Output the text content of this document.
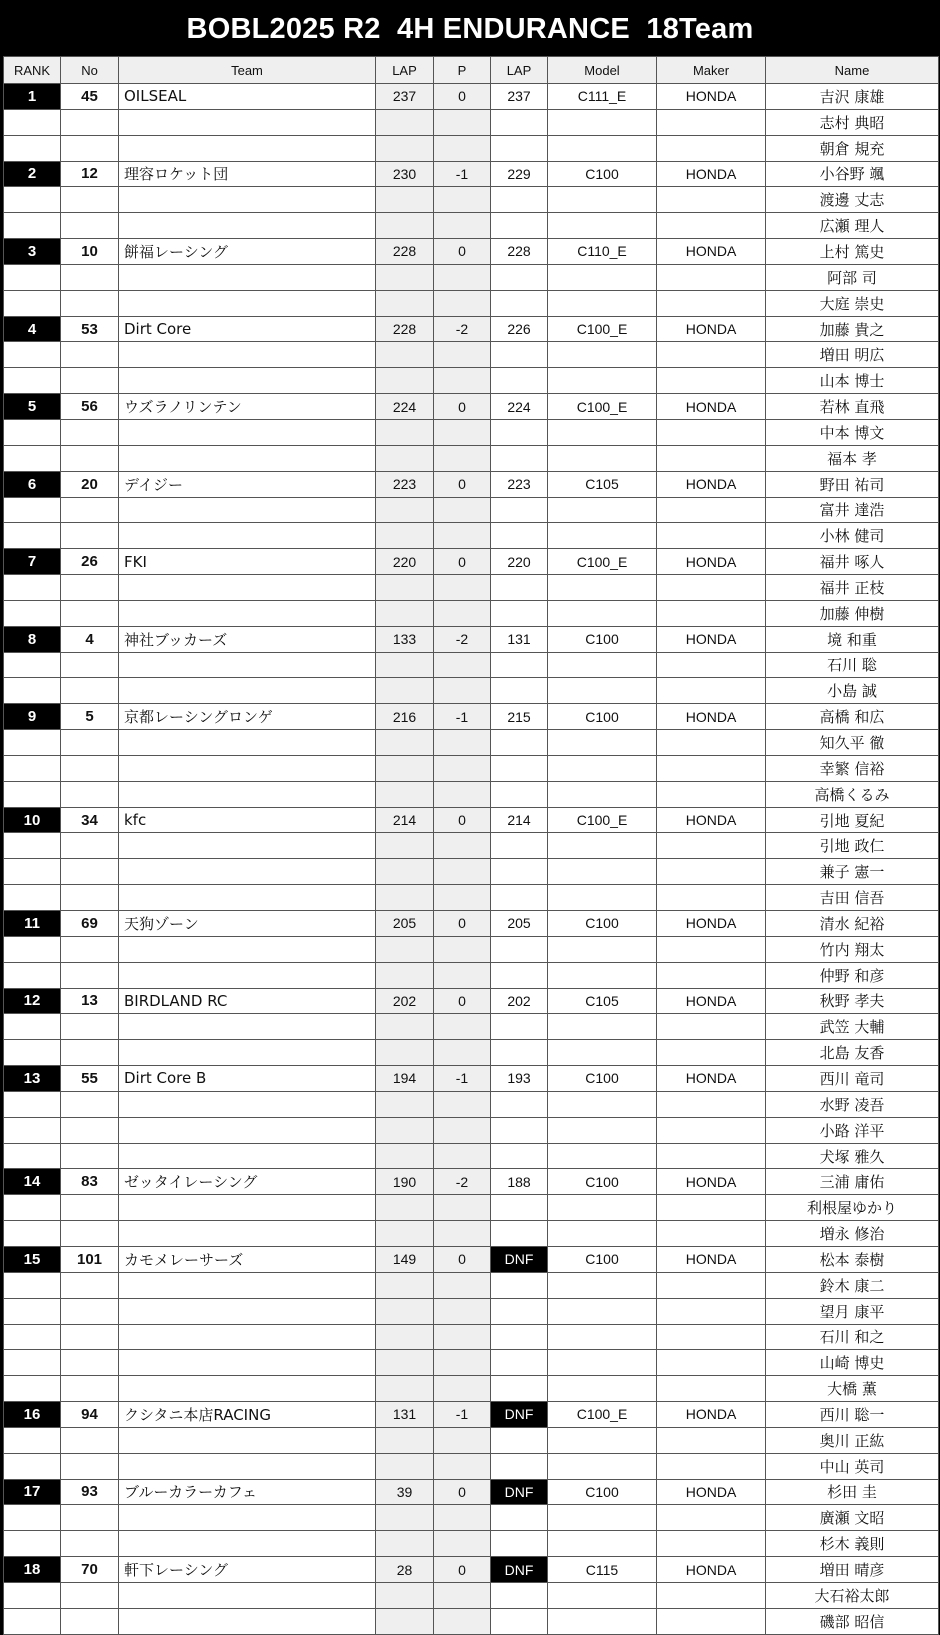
BOBL2025 R2  4H ENDURANCE  18Team
RANK	No	Team	LAP	P	LAP	Model	Maker	Name
1	45	OILSEAL	237	0	237	C111_E	HONDA	吉沢 康雄
								志村 典昭
								朝倉 規充
2	12	理容ロケット団	230	-1	229	C100	HONDA	小谷野 颯
								渡邊 丈志
								広瀬 理人
3	10	餅福レーシング	228	0	228	C110_E	HONDA	上村 篤史
								阿部 司
								大庭 崇史
4	53	Dirt Core	228	-2	226	C100_E	HONDA	加藤 貴之
								増田 明広
								山本 博士
5	56	ウズラノリンテン	224	0	224	C100_E	HONDA	若林 直飛
								中本 博文
								福本 孝
6	20	デイジー	223	0	223	C105	HONDA	野田 祐司
								富井 達浩
								小林 健司
7	26	FKI	220	0	220	C100_E	HONDA	福井 啄人
								福井 正枝
								加藤 伸樹
8	4	神社ブッカーズ	133	-2	131	C100	HONDA	境 和重
								石川 聡
								小島 誠
9	5	京都レーシングロンゲ	216	-1	215	C100	HONDA	高橋 和広
								知久平 徹
								幸繁 信裕
								高橋くるみ
10	34	kfc	214	0	214	C100_E	HONDA	引地 夏紀
								引地 政仁
								兼子 憲一
								吉田 信吾
11	69	天狗ゾーン	205	0	205	C100	HONDA	清水 紀裕
								竹内 翔太
								仲野 和彦
12	13	BIRDLAND RC	202	0	202	C105	HONDA	秋野 孝夫
								武笠 大輔
								北島 友香
13	55	Dirt Core B	194	-1	193	C100	HONDA	西川 竜司
								水野 凌吾
								小路 洋平
								犬塚 雅久
14	83	ゼッタイレーシング	190	-2	188	C100	HONDA	三浦 庸佑
								利根屋ゆかり
								増永 修治
15	101	カモメレーサーズ	149	0	DNF	C100	HONDA	松本 泰樹
								鈴木 康二
								望月 康平
								石川 和之
								山崎 博史
								大橋 薫
16	94	クシタニ本店RACING	131	-1	DNF	C100_E	HONDA	西川 聡一
								奥川 正紘
								中山 英司
17	93	ブルーカラーカフェ	39	0	DNF	C100	HONDA	杉田 圭
								廣瀬 文昭
								杉木 義則
18	70	軒下レーシング	28	0	DNF	C115	HONDA	増田 晴彦
								大石裕太郎
								磯部 昭信
